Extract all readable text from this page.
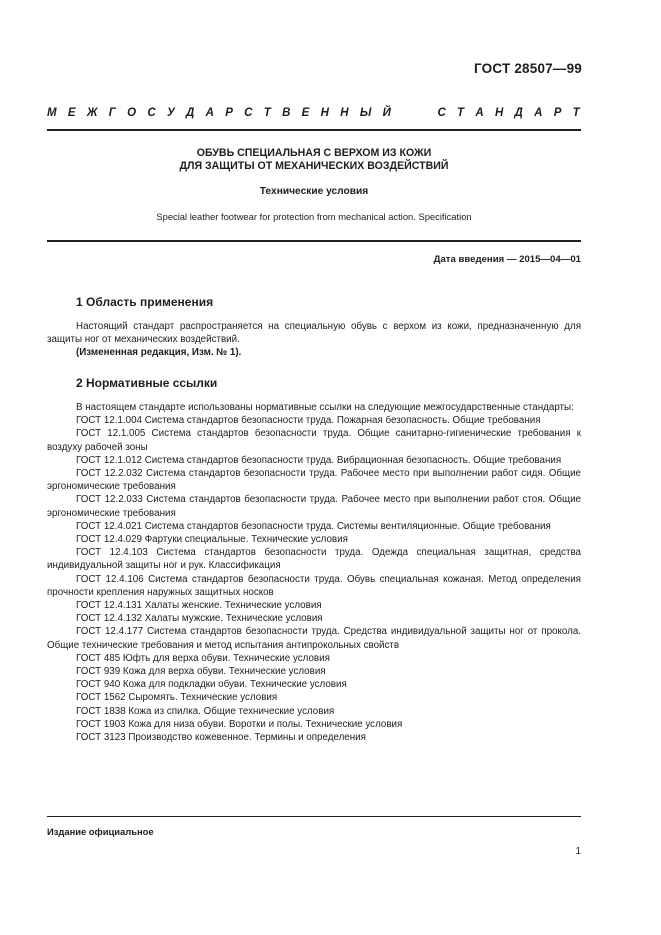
ГОСТ 28507—99
М Е Ж Г О С У Д А Р С Т В Е Н Н Ы Й	С Т А Н Д А Р Т
ОБУВЬ СПЕЦИАЛЬНАЯ С ВЕРХОМ ИЗ КОЖИ
ДЛЯ ЗАЩИТЫ ОТ МЕХАНИЧЕСКИХ ВОЗДЕЙСТВИЙ
Технические условия
Special leather footwear for protection from mechanical action. Specification
Дата введения — 2015—04—01
1 Область применения

Настоящий стандарт распространяется на специальную обувь с верхом из кожи, предназначенную для защиты ног от механических воздействий.

(Измененная редакция, Изм. № 1).

2 Нормативные ссылки

В настоящем стандарте использованы нормативные ссылки на следующие межгосударственные стандарты:

ГОСТ 12.1.004 Система стандартов безопасности труда. Пожарная безопасность. Общие требования

ГОСТ 12.1.005 Система стандартов безопасности труда. Общие санитарно-гигиенические требования к воздуху рабочей зоны

ГОСТ 12.1.012 Система стандартов безопасности труда. Вибрационная безопасность. Общие требования

ГОСТ 12.2.032 Система стандартов безопасности труда. Рабочее место при выполнении работ сидя. Общие эргономические требования

ГОСТ 12.2.033 Система стандартов безопасности труда. Рабочее место при выполнении работ стоя. Общие эргономические требования

ГОСТ 12.4.021 Система стандартов безопасности труда. Системы вентиляционные. Общие требования

ГОСТ 12.4.029 Фартуки специальные. Технические условия

ГОСТ 12.4.103 Система стандартов безопасности труда. Одежда специальная защитная, средства индивидуальной защиты ног и рук. Классификация

ГОСТ 12.4.106 Система стандартов безопасности труда. Обувь специальная кожаная. Метод определения прочности крепления наружных защитных носков

ГОСТ 12.4.131 Халаты женские. Технические условия

ГОСТ 12.4.132 Халаты мужские. Технические условия

ГОСТ 12.4.177 Система стандартов безопасности труда. Средства индивидуальной защиты ног от прокола. Общие технические требования и метод испытания антипрокольных свойств

ГОСТ 485 Юфть для верха обуви. Технические условия

ГОСТ 939 Кожа для верха обуви. Технические условия

ГОСТ 940 Кожа для подкладки обуви. Технические условия

ГОСТ 1562 Сыромять. Технические условия

ГОСТ 1838 Кожа из спилка. Общие технические условия

ГОСТ 1903 Кожа для низа обуви. Воротки и полы. Технические условия

ГОСТ 3123 Производство кожевенное. Термины и определения

Издание официальное
1
